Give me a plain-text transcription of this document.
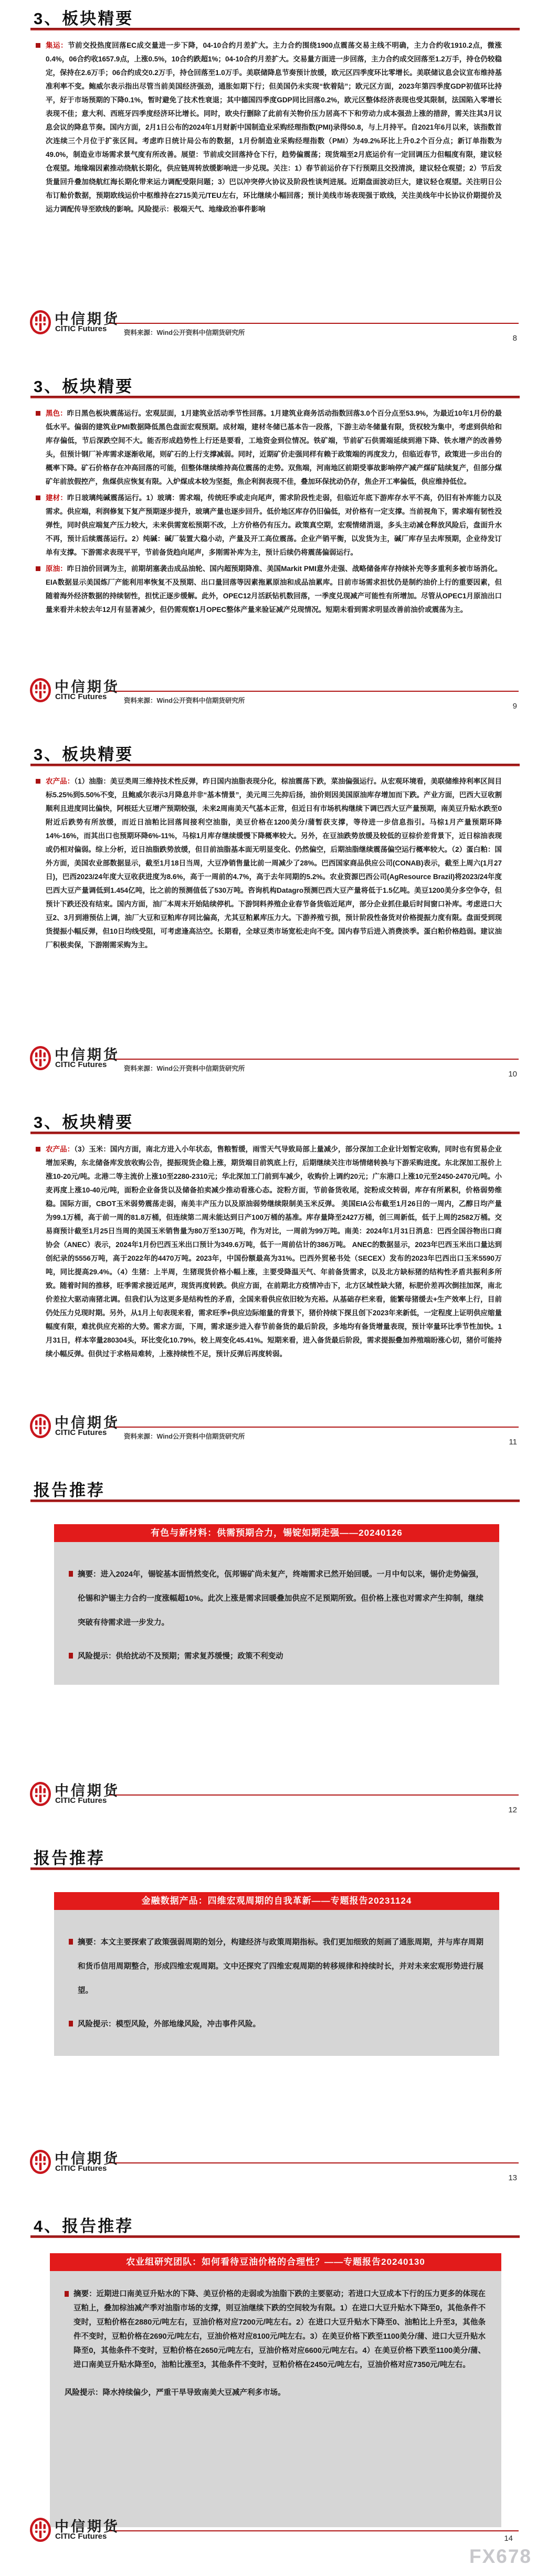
3、板块精要

集运：节前交投热度回落EC成交量进一步下降，04-10合约月差扩大。主力合约围绕1900点震荡交易主线不明确，主力合约收1910.2点，微涨0.4%，06合约收1657.9点，上涨0.5%，10合约跌超1%；04-10合约月差扩大。交易量方面进一步回落，主力合约成交回落至1.2万手，持仓仍较稳定，保持在2.6万手；06合约成交0.2万手，持仓回落至1.0万手。美联储降息节奏预计放缓，欧元区四季度环比零增长。美联储议息会议宣布维持基准利率不变。鲍威尔表示指出尽管当前美国经济强劲，通胀如期下行；但美国仍未实现“软着陆”；欧元区方面，2023年第四季度GDP初值环比持平，好于市场预期的下降0.1%，暂时避免了技术性衰退；其中德国四季度GDP同比回落0.2%，欧元区整体经济表现也受其限制，法国陷入零增长表现不佳；意大利、西班牙四季度经济环比增长。同时，欧央行删除了此前有关物价压力居高不下和劳动力成本强劲上涨的措辞，需关注其3月议息会议的降息节奏。国内方面，2月1日公布的2024年1月财新中国制造业采购经理指数(PMI)录得50.8，与上月持平。自2021年6月以来，该指数首次连续三个月位于扩张区间。考虑昨日统计局公布的数据，1月份制造业采购经理指数（PMI）为49.2%环比上升0.2个百分点；新订单指数为49.0%，制造业市场需求景气度有所改善。展望：节前成交回落持仓下行，趋势偏震荡；现货端至2月底运价有一定回调压力但幅度有限，建议轻仓观望。地缘端因素推动绕航长期化，供应链周转放缓影响进一步兑现。关注：1）春节前运价存下行预期且交投清淡，建议轻仓观望；2）节后发货量回升叠加绕航红海长期化带来运力调配受限问题；3）巴以冲突停火协议及阶段性谈判进展。近期盘面波动巨大，建议轻仓观望。关注明日公布订舱价数据，预期欧线运价中枢维持在2715美元/TEU左右，环比继续小幅回落；预计美线市场表现强于欧线，关注美线年中长协议价期提价及运力调配传导至欧线的影响。风险提示：极端天气、地缘政治事件影响

中信期货
CITIC Futures	资料来源：Wind公开资料中信期货研究所
8
3、板块精要

黑色：昨日黑色板块震荡运行。宏观层面，1月建筑业活动季节性回落。1月建筑业商务活动指数回落3.0个百分点至53.9%，为最近10年1月份的最低水平。偏弱的建筑业PMI数据降低黑色盘面宏观预期。成材端，建材冬储已基本告一段落，下游主动冬储量有限，货权较为集中，考虑到供给和库存偏低，节后深跌空间不大。能否形成趋势性上行还是要看，工地资金到位情况。铁矿端，节前矿石供需端延续到港下降、铁水增产的改善势头，但预计钢厂补库需求逐渐收尾，则矿石的上行支撑减弱。同时，近期矿价走强同样有赖于政策端的再度发力，但临近春节，政策进一步出台的概率下降。矿石价格存在冲高回落的可能，但整体继续维持高位震荡的走势。双焦端，河南地区前期受事故影响停产减产煤矿陆续复产，但部分煤矿年前放假控产，焦煤供应恢复有限。入炉煤成本较为坚挺，焦企利润表现不佳，叠加环保扰动仍存，焦企开工率偏低，供应维持低位。

建材：昨日玻璃纯碱震荡运行。1）玻璃：需求端，传统旺季或走向尾声，需求阶段性走弱，但临近年底下游库存水平不高，仍旧有补库能力以及需求。供应端，利润修复下复产预期逐步提升，玻璃产量也逐步回升。低价地区库存仍旧偏低，对价格有一定支撑。当前视角下，需求端有韧性没弹性，同时供应端复产压力较大，未来供需宽松预期不改，上方价格仍有压力。政策真空期，宏观情绪消退，多头主动减仓释放风险后，盘面升水不再，预计后续震荡运行。2）纯碱：碱厂装置大稳小动，产量及开工高位震荡。企业产销平衡，以发货为主，碱厂库存呈去库预期，企业待发订单有支撑。下游需求表现平平，节前备货趋向尾声，多刚需补库为主，预计后续仍将震荡偏弱运行。

原油：昨日油价回调为主，前期胡塞袭击成品油轮、国内超预期降准、美国Markit PMI意外走强、战略储备库存持续补充等多重利多被市场消化。EIA数据显示美国炼厂产能利用率恢复不及预期、出口量回落等因素拖累原油和成品油累库。目前市场需求担忧仍是制约油价上行的重要因素，但随着海外经济数据的持续韧性，担忧正逐步缓解。此外，OPEC12月活跃钻机数回落，一季度兑现减产可能性有所增加。尽管从OPEC1月原油出口量来看并未较去年12月有显著减少，但仍需观察1月OPEC整体产量来验证减产兑现情况。短期未看到需求明显改善前油价或震荡为主。

中信期货
CITIC Futures	资料来源：Wind公开资料中信期货研究所
9
3、板块精要

农产品：（1）油脂：美豆类周三维持技术性反弹，昨日国内油脂表现分化，棕油震荡下跌，菜油偏强运行。从宏观环境看，美联储维持利率区间目标5.25%到5.50%不变，且鲍威尔表示3月降息并非“基本情景”，美元周三先抑后扬，油价则因美国原油库存增加而下跌。产业方面，巴西大豆收割顺利且进度同比偏快，阿根廷大豆增产预期较强，未来2周南美天气基本正常，但近日有市场机构继续下调巴西大豆产量预期，南美豆升贴水跌至0附近后跌势有所放缓，而近日油粕比回落间接利空油脂，美豆价格在1200美分/蒲暂获支撑，等待进一步信息指引。马棕1月产量预期环降14%-16%，而其出口也预期环降6%-11%，马棕1月库存继续缓慢下降概率较大。另外，在豆油跌势放缓及较低的豆棕价差背景下，近日棕油表现或仍相对偏弱。综上分析，近日油脂跌势放缓，但目前油脂基本面无明显变化、仍然偏空，后期油脂继续震荡偏空运行概率较大。（2）蛋白粕：国外方面，美国农业部数据显示，截至1月18日当周，大豆净销售量比前一周减少了28%。巴西国家商品供应公司(CONAB)表示，截至上周六(1月27日)，巴西2023/24年度大豆收获进度为8.6%，高于一周前的4.7%，高于去年同期的5.2%。农业资源巴西公司(AgResource Brazil)将2023/24年度巴西大豆产量调低到1.454亿吨，比之前的预测值低了530万吨。咨询机构Datagro预测巴西大豆产量将低于1.5亿吨。美豆1200美分多空争夺，但预计下跌还没有结束。国内方面，油厂本周末开始陆续停机。下游饲料养殖企业春节备货临近尾声，部分企业抓住最后时间窗口补库。考虑进口大豆2、3月到港预估上调，油厂大豆和豆粕库存同比偏高，尤其豆粕累库压力大。下游养殖亏损，预计阶段性备货对价格提振力度有限。盘面受到现货提振小幅反弹，但10日均线受阻，可考虑逢高沽空。长期看，全球豆类市场宽松走向不变。国内春节后进入消费淡季。蛋白粕价格趋弱。建议油厂积极卖保，下游刚需采购为主。

中信期货
CITIC Futures	资料来源：Wind公开资料中信期货研究所
10
3、板块精要

农产品：（3）玉米：国内方面，南北方进入小年状态，售粮暂缓，雨雪天气导致局部上量减少，部分深加工企业计划暂定收购，同时也有贸易企业增加采购，东北储备库发放收购公告，提振现货企稳上涨，期货端目前筑底上行，后期继续关注市场情绪转换与下游采购进度。东北深加工报价上涨10-20元/吨。北港二等主流价上涨10至2280-2310元；华北深加工门前到车减少，收购价上调约20元；广东港口上涨10元至2450-2470元/吨。小麦再度上涨10-40元/吨，面粉企业备货以及储备拍卖减少推动看涨心态。淀粉方面，节前备货收尾，淀粉成交转弱，库存有所累积，价格弱势维稳。国际方面，CBOT玉米弱势震荡走弱，南美丰产压力以及原油弱势继续限制美玉米反弹。 美国EIA公布截至1月26日的一周内，乙醇日均产量为99.1万桶，高于前一周的81.8万桶，但连续第二周未能达到日产100万桶的基准。库存量降至2427万桶，创三周新低，低于上周的2582万桶。交易商预计截至1月25日当周的美国玉米销售量为80万至130万吨，作为对比，一周前为99万吨。南美：2024年1月31日消息：巴西全国谷物出口商协会（ANEC）表示，2024年1月份巴西玉米出口预计为349.6万吨，低于一周前估计的386万吨。 ANEC的数据显示，2023年巴西玉米出口量达到创纪录的5556万吨，高于2022年的4470万吨。2023年，中国份额最高为31%。巴西外贸秘书处（SECEX）发布的2023年巴西出口玉米5590万吨，同比提高29.4%。（4）生猪：上半周，生猪现货价格小幅上涨，主要受降温天气、年前备货需求，以及北方缺标猪的结构性矛盾共振利多所致。随着时间的推移，旺季需求接近尾声，现货再度转跌。供应方面，在前期北方疫情冲击下，北方区域性缺大猪，标肥价差再次倒挂加深，南北价差拉大驱动南猪北调。但我们认为这更多是结构性的矛盾，全国来看供应依旧较为充裕。从基础存栏来看，能繁母猪缓去+生产效率上行，目前仍处压力兑现时期。另外，从1月上旬表现来看，需求旺季+供应边际缩量的背景下，猪价持续下探且创下2023年来新低，一定程度上证明供应缩量幅度有限，难扰供应充裕的大势。需求方面，下周，需求逐步进入春节前备货的最后阶段，多地均有备货增量表现，预计宰量环比季节性加快。1月31日，样本宰量280304头，环比变化10.79%，较上周变化45.41%。短期来看，进入备货最后阶段，需求提振叠加养殖端盼涨心切，猪价可能持续小幅反弹。但供过于求格局难转，上涨持续性不足，预计反弹后再度转弱。

中信期货
CITIC Futures	资料来源：Wind公开资料中信期货研究所
11
报告推荐
有色与新材料：供需预期合力，锡锭如期走强——20240126

摘要：进入2024年，锡锭基本面悄然变化，佤邦锡矿尚未复产，终端需求已然开始回暖。一月中旬以来，锡价走势偏强，伦锡和沪锡主力合约一度涨幅超10%。此次上涨是需求回暖叠加供应不足预期所致。但价格上涨也对需求产生抑制，继续突破有待需求进一步发力。

风险提示：供给扰动不及预期；需求复苏缓慢；政策不利变动

中信期货
CITIC Futures
12
报告推荐
金融数据产品：四维宏观周期的自我革新——专题报告20231124

摘要：本文主要探索了政策强弱周期的划分，构建经济与政策周期指标。我们更加细致的刻画了通胀周期，并与库存周期和货币信用周期整合，形成四维宏观周期。文中还探究了四维宏观周期的转移规律和持续时长，并对未来宏观形势进行展望。

风险提示：模型风险，外部地缘风险，冲击事件风险。

中信期货
CITIC Futures
13
4、报告推荐
农业组研究团队：如何看待豆油价格的合理性？——专题报告20240130

摘要：近期进口南美豆升贴水的下降、美豆价格的走弱或为油脂下跌的主要驱动；若进口大豆成本下行的压力更多的体现在豆粕上，叠加棕油减产季对油脂市场的支撑，则豆油继续下跌的空间较为有限。1）在进口大豆升贴水下降至0，其他条件不变时，豆粕价格在2880元/吨左右，豆油价格对应7200元/吨左右。2）在进口大豆升贴水下降至0、油粕比上升至3，其他条件不变时，豆粕价格在2690元/吨左右，豆油价格对应8100元/吨左右。3）在美豆价格下跌至1100美分/蒲、进口大豆升贴水降至0，其他条件不变时，豆粕价格在2650元/吨左右，豆油价格对应6600元/吨左右。4）在美豆价格下跌至1100美分/蒲、进口南美豆升贴水降至0，油粕比涨至3，其他条件不变时，豆粕价格在2450元/吨左右，豆油价格对应7350元/吨左右。

风险提示：降水持续偏少，严重干旱导致南美大豆减产利多市场。

中信期货
CITIC Futures	14
FX678
